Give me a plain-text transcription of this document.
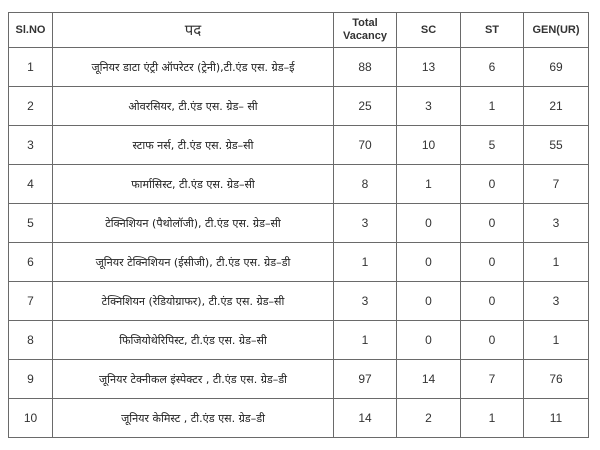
Sl.NO	पद	Total Vacancy	SC	ST	GEN(UR)
1	जूनियर डाटा एंट्री ऑपरेटर (ट्रेनी),टी.एंड एस. ग्रेड–ई	88	13	6	69
2	ओवरसियर, टी.एंड एस. ग्रेड– सी	25	3	1	21
3	स्टाफ नर्स, टी.एंड एस. ग्रेड–सी	70	10	5	55
4	फार्मासिस्ट, टी.एंड एस. ग्रेड–सी	8	1	0	7
5	टेक्निशियन (पैथोलॉजी), टी.एंड एस. ग्रेड–सी	3	0	0	3
6	जूनियर टेक्निशियन (ईसीजी), टी.एंड एस. ग्रेड–डी	1	0	0	1
7	टेक्निशियन (रेडियोग्राफर), टी.एंड एस. ग्रेड–सी	3	0	0	3
8	फिजियोथेरिपिस्ट, टी.एंड एस. ग्रेड–सी	1	0	0	1
9	जूनियर टेक्नीकल इंस्पेक्टर , टी.एंड एस. ग्रेड–डी	97	14	7	76
10	जूनियर केमिस्ट , टी.एंड एस. ग्रेड–डी	14	2	1	11
